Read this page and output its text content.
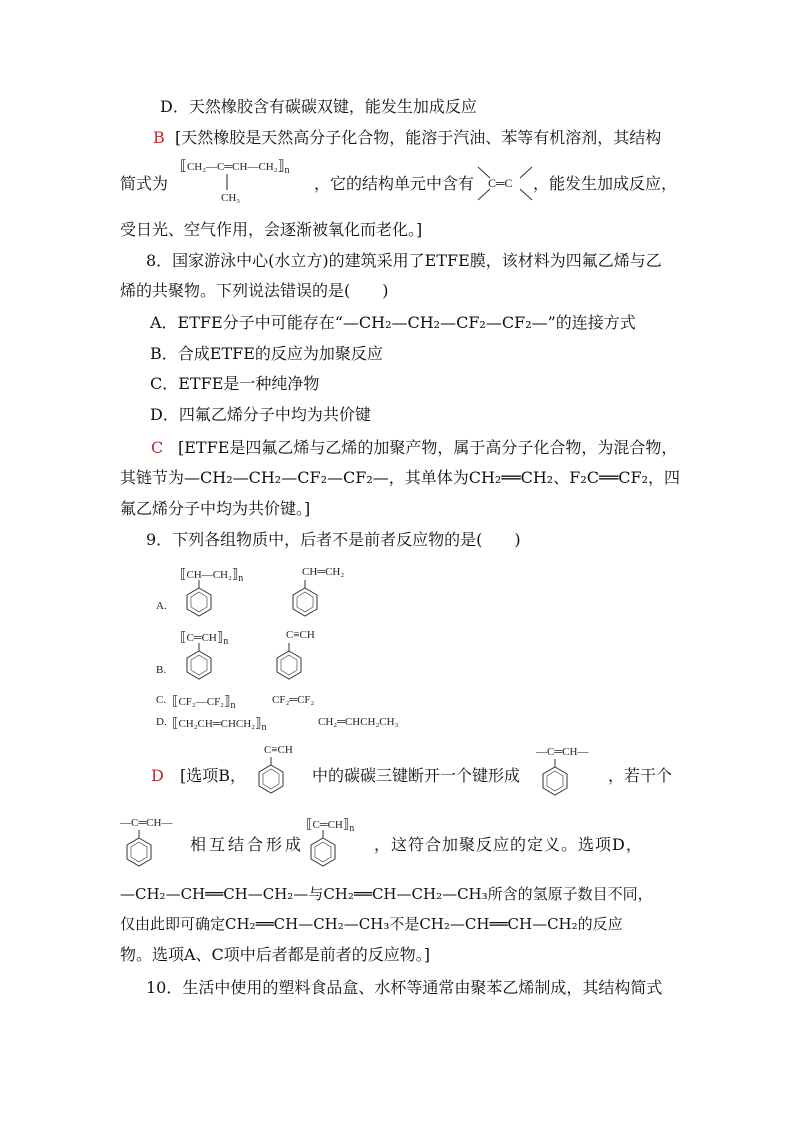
D．天然橡胶含有碳碳双键，能发生加成反应
B [天然橡胶是天然高分子化合物，能溶于汽油、苯等有机溶剂，其结构
简式为
$⟦CH_2—C═CH—CH_2⟧_n$
CH₃
，它的结构单元中含有 C═C ，能发生加成反应，
受日光、空气作用，会逐渐被氧化而老化。]
8．国家游泳中心(水立方)的建筑采用了ETFE膜，该材料为四氟乙烯与乙
烯的共聚物。下列说法错误的是(　　)
A．ETFE分子中可能存在“—CH₂—CH₂—CF₂—CF₂—”的连接方式
B．合成ETFE的反应为加聚反应
C．ETFE是一种纯净物
D．四氟乙烯分子中均为共价键
C [ETFE是四氟乙烯与乙烯的加聚产物，属于高分子化合物，为混合物，
其链节为—CH₂—CH₂—CF₂—CF₂—，其单体为CH₂══CH₂、F₂C══CF₂，四
氟乙烯分子中均为共价键。]
9．下列各组物质中，后者不是前者反应物的是(　　)
A.
$⟦CH—CH_2⟧_n$
CH═CH₂
B.
$⟦C═CH⟧_n$
C≡CH
C. $⟦CF_2—CF_2⟧_n$	CF₂═CF₂
D. $⟦CH_2CH═CHCH_2⟧_n$	CH₂═CHCH₂CH₃
D [选项B，
C≡CH
中的碳碳三键断开一个键形成
—C═CH—
，若干个
—C═CH—
相互结合形成
$⟦C═CH⟧_n$
，这符合加聚反应的定义。选项D，
—CH₂—CH══CH—CH₂—与CH₂══CH—CH₂—CH₃所含的氢原子数目不同，
仅由此即可确定CH₂══CH—CH₂—CH₃不是CH₂—CH══CH—CH₂的反应
物。选项A、C项中后者都是前者的反应物。]
10．生活中使用的塑料食品盒、水杯等通常由聚苯乙烯制成，其结构简式
